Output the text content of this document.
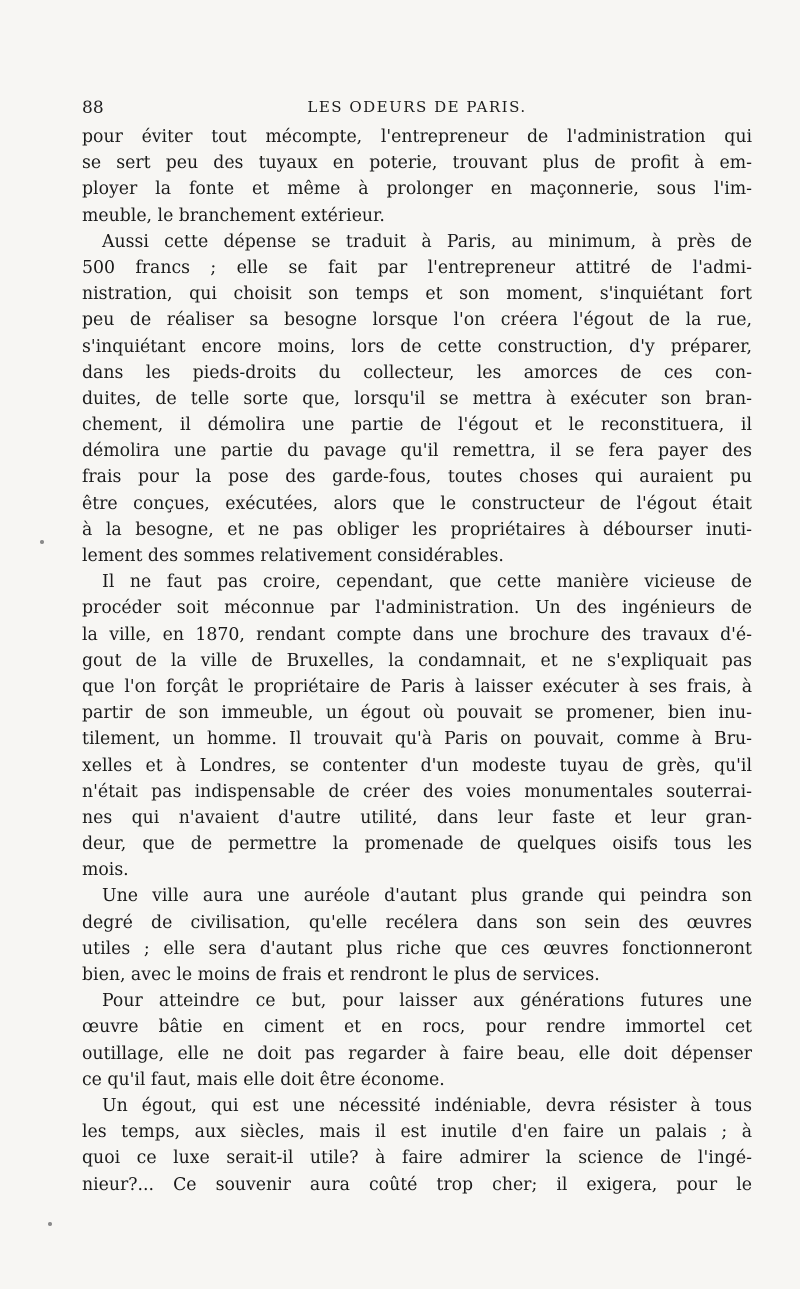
88	LES ODEURS DE PARIS.
pour éviter tout mécompte, l'entrepreneur de l'administration qui
se sert peu des tuyaux en poterie, trouvant plus de profit à em-
ployer la fonte et même à prolonger en maçonnerie, sous l'im-
meuble, le branchement extérieur.
Aussi cette dépense se traduit à Paris, au minimum, à près de
500 francs ; elle se fait par l'entrepreneur attitré de l'admi-
nistration, qui choisit son temps et son moment, s'inquiétant fort
peu de réaliser sa besogne lorsque l'on créera l'égout de la rue,
s'inquiétant encore moins, lors de cette construction, d'y préparer,
dans les pieds-droits du collecteur, les amorces de ces con-
duites, de telle sorte que, lorsqu'il se mettra à exécuter son bran-
chement, il démolira une partie de l'égout et le reconstituera, il
démolira une partie du pavage qu'il remettra, il se fera payer des
frais pour la pose des garde-fous, toutes choses qui auraient pu
être conçues, exécutées, alors que le constructeur de l'égout était
à la besogne, et ne pas obliger les propriétaires à débourser inuti-
lement des sommes relativement considérables.
Il ne faut pas croire, cependant, que cette manière vicieuse de
procéder soit méconnue par l'administration. Un des ingénieurs de
la ville, en 1870, rendant compte dans une brochure des travaux d'é-
gout de la ville de Bruxelles, la condamnait, et ne s'expliquait pas
que l'on forçât le propriétaire de Paris à laisser exécuter à ses frais, à
partir de son immeuble, un égout où pouvait se promener, bien inu-
tilement, un homme. Il trouvait qu'à Paris on pouvait, comme à Bru-
xelles et à Londres, se contenter d'un modeste tuyau de grès, qu'il
n'était pas indispensable de créer des voies monumentales souterrai-
nes qui n'avaient d'autre utilité, dans leur faste et leur gran-
deur, que de permettre la promenade de quelques oisifs tous les
mois.
Une ville aura une auréole d'autant plus grande qui peindra son
degré de civilisation, qu'elle recélera dans son sein des œuvres
utiles ; elle sera d'autant plus riche que ces œuvres fonctionneront
bien, avec le moins de frais et rendront le plus de services.
Pour atteindre ce but, pour laisser aux générations futures une
œuvre bâtie en ciment et en rocs, pour rendre immortel cet
outillage, elle ne doit pas regarder à faire beau, elle doit dépenser
ce qu'il faut, mais elle doit être économe.
Un égout, qui est une nécessité indéniable, devra résister à tous
les temps, aux siècles, mais il est inutile d'en faire un palais ; à
quoi ce luxe serait-il utile? à faire admirer la science de l'ingé-
nieur?... Ce souvenir aura coûté trop cher; il exigera, pour le
